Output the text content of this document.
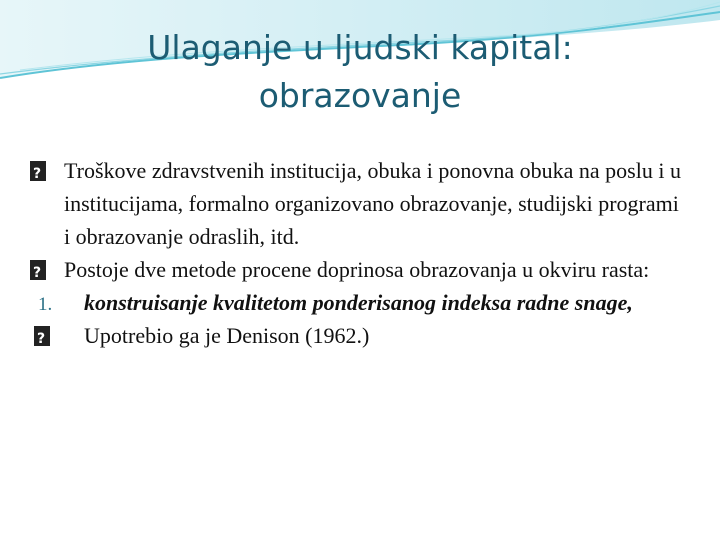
Ulaganje u ljudski kapital:
obrazovanje

?
Troškove zdravstvenih institucija, obuka i ponovna obuka na poslu i u institucijama, formalno organizovano obrazovanje, studijski programi i obrazovanje odraslih, itd.

?
Postoje dve metode procene doprinosa obrazovanja u okviru rasta:

1. konstruisanje kvalitetom ponderisanog indeksa radne snage,

?
Upotrebio ga je Denison (1962.)
